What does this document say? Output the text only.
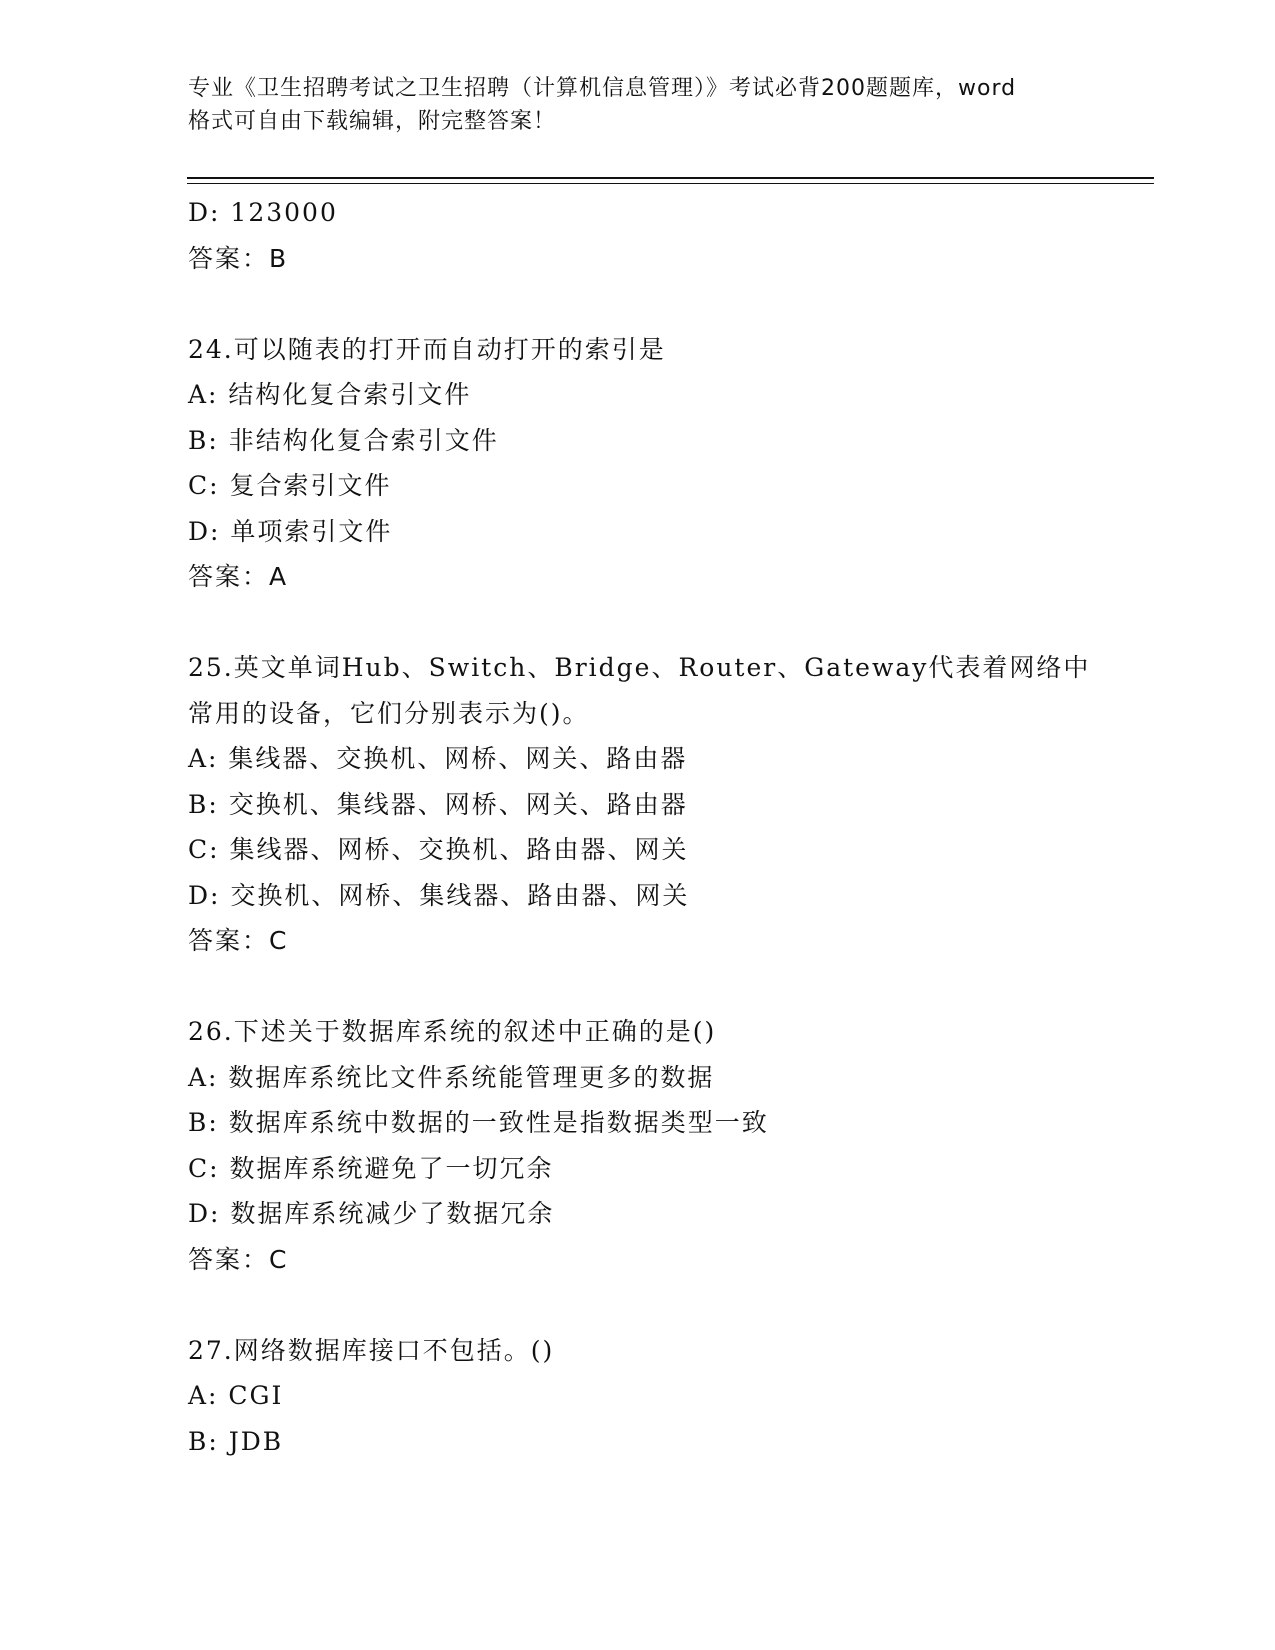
专业《卫生招聘考试之卫生招聘（计算机信息管理）》考试必背200题题库，word
格式可自由下载编辑，附完整答案！
D: 123000
答案：B
24.可以随表的打开而自动打开的索引是
A: 结构化复合索引文件
B: 非结构化复合索引文件
C: 复合索引文件
D: 单项索引文件
答案：A
25.英文单词Hub、Switch、Bridge、Router、Gateway代表着网络中
常用的设备，它们分别表示为()。
A: 集线器、交换机、网桥、网关、路由器
B: 交换机、集线器、网桥、网关、路由器
C: 集线器、网桥、交换机、路由器、网关
D: 交换机、网桥、集线器、路由器、网关
答案：C
26.下述关于数据库系统的叙述中正确的是()
A: 数据库系统比文件系统能管理更多的数据
B: 数据库系统中数据的一致性是指数据类型一致
C: 数据库系统避免了一切冗余
D: 数据库系统减少了数据冗余
答案：C
27.网络数据库接口不包括。()
A: CGI
B: JDB
